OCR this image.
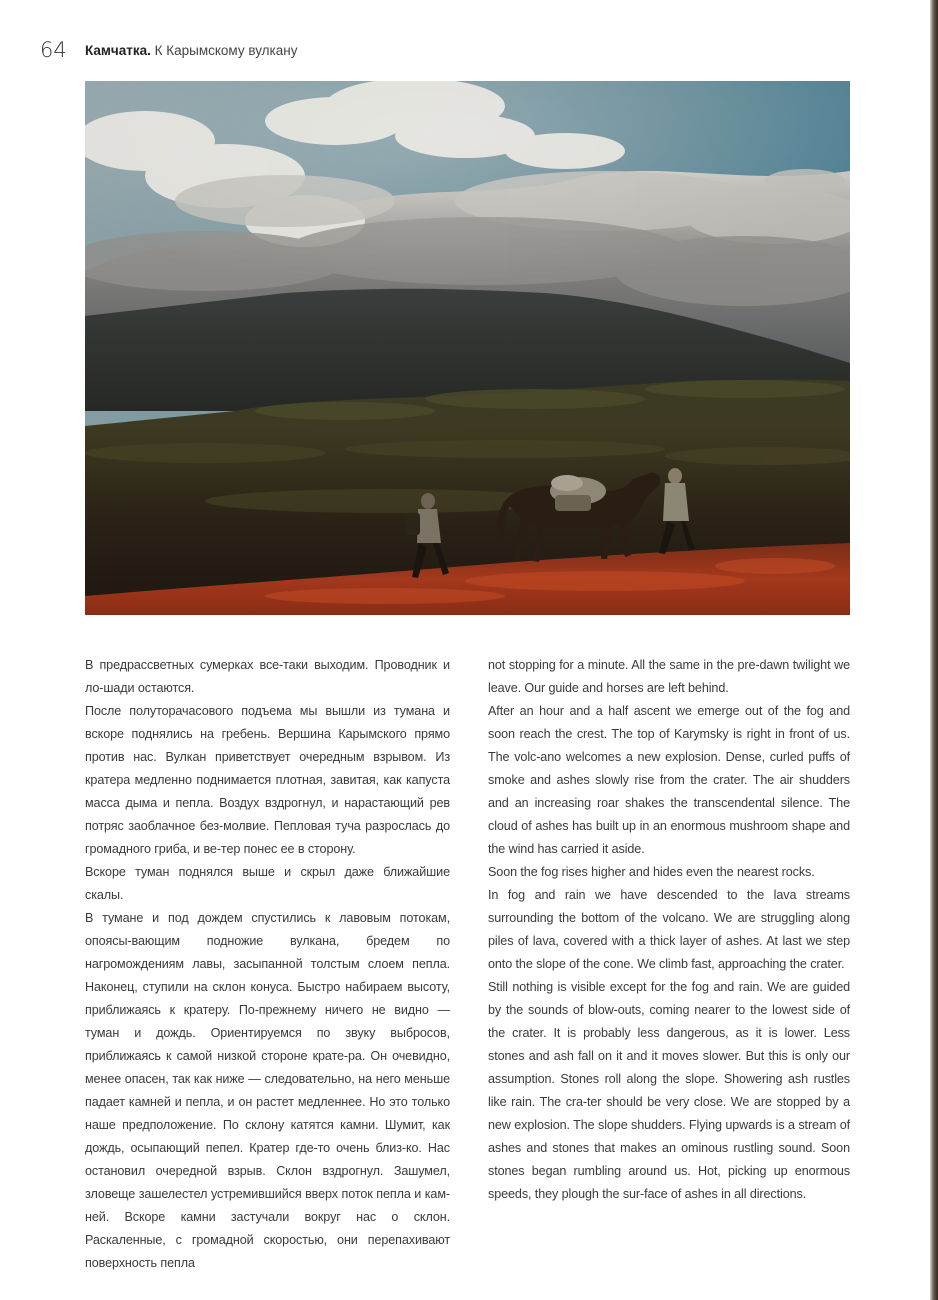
64 Камчатка. К Карымскому вулкану

В предрассветных сумерках все-таки выходим. Проводник и ло-шади остаются.

После полуторачасового подъема мы вышли из тумана и вскоре поднялись на гребень. Вершина Карымского прямо против нас. Вулкан приветствует очередным взрывом. Из кратера медленно поднимается плотная, завитая, как капуста масса дыма и пепла. Воздух вздрогнул, и нарастающий рев потряс заоблачное без-молвие. Пепловая туча разрослась до громадного гриба, и ве-тер понес ее в сторону.

Вскоре туман поднялся выше и скрыл даже ближайшие скалы.

В тумане и под дождем спустились к лавовым потокам, опоясы-вающим подножие вулкана, бредем по нагромождениям лавы, засыпанной толстым слоем пепла. Наконец, ступили на склон конуса. Быстро набираем высоту, приближаясь к кратеру. По-прежнему ничего не видно — туман и дождь. Ориентируемся по звуку выбросов, приближаясь к самой низкой стороне крате-ра. Он очевидно, менее опасен, так как ниже — следовательно, на него меньше падает камней и пепла, и он растет медленнее. Но это только наше предположение. По склону катятся камни. Шумит, как дождь, осыпающий пепел. Кратер где-то очень близ-ко. Нас остановил очередной взрыв. Склон вздрогнул. Зашумел, зловеще зашелестел устремившийся вверх поток пепла и кам-ней. Вскоре камни застучали вокруг нас о склон. Раскаленные, с громадной скоростью, они перепахивают поверхность пепла

not stopping for a minute. All the same in the pre-dawn twilight we leave. Our guide and horses are left behind.

After an hour and a half ascent we emerge out of the fog and soon reach the crest. The top of Karymsky is right in front of us. The volc-ano welcomes a new explosion. Dense, curled puffs of smoke and ashes slowly rise from the crater. The air shudders and an increasing roar shakes the transcendental silence. The cloud of ashes has built up in an enormous mushroom shape and the wind has carried it aside.

Soon the fog rises higher and hides even the nearest rocks.

In fog and rain we have descended to the lava streams surrounding the bottom of the volcano. We are struggling along piles of lava, covered with a thick layer of ashes. At last we step onto the slope of the cone. We climb fast, approaching the crater.

Still nothing is visible except for the fog and rain. We are guided by the sounds of blow-outs, coming nearer to the lowest side of the crater. It is probably less dangerous, as it is lower. Less stones and ash fall on it and it moves slower. But this is only our assumption. Stones roll along the slope. Showering ash rustles like rain. The cra-ter should be very close. We are stopped by a new explosion. The slope shudders. Flying upwards is a stream of ashes and stones that makes an ominous rustling sound. Soon stones began rumbling around us. Hot, picking up enormous speeds, they plough the sur-face of ashes in all directions.
